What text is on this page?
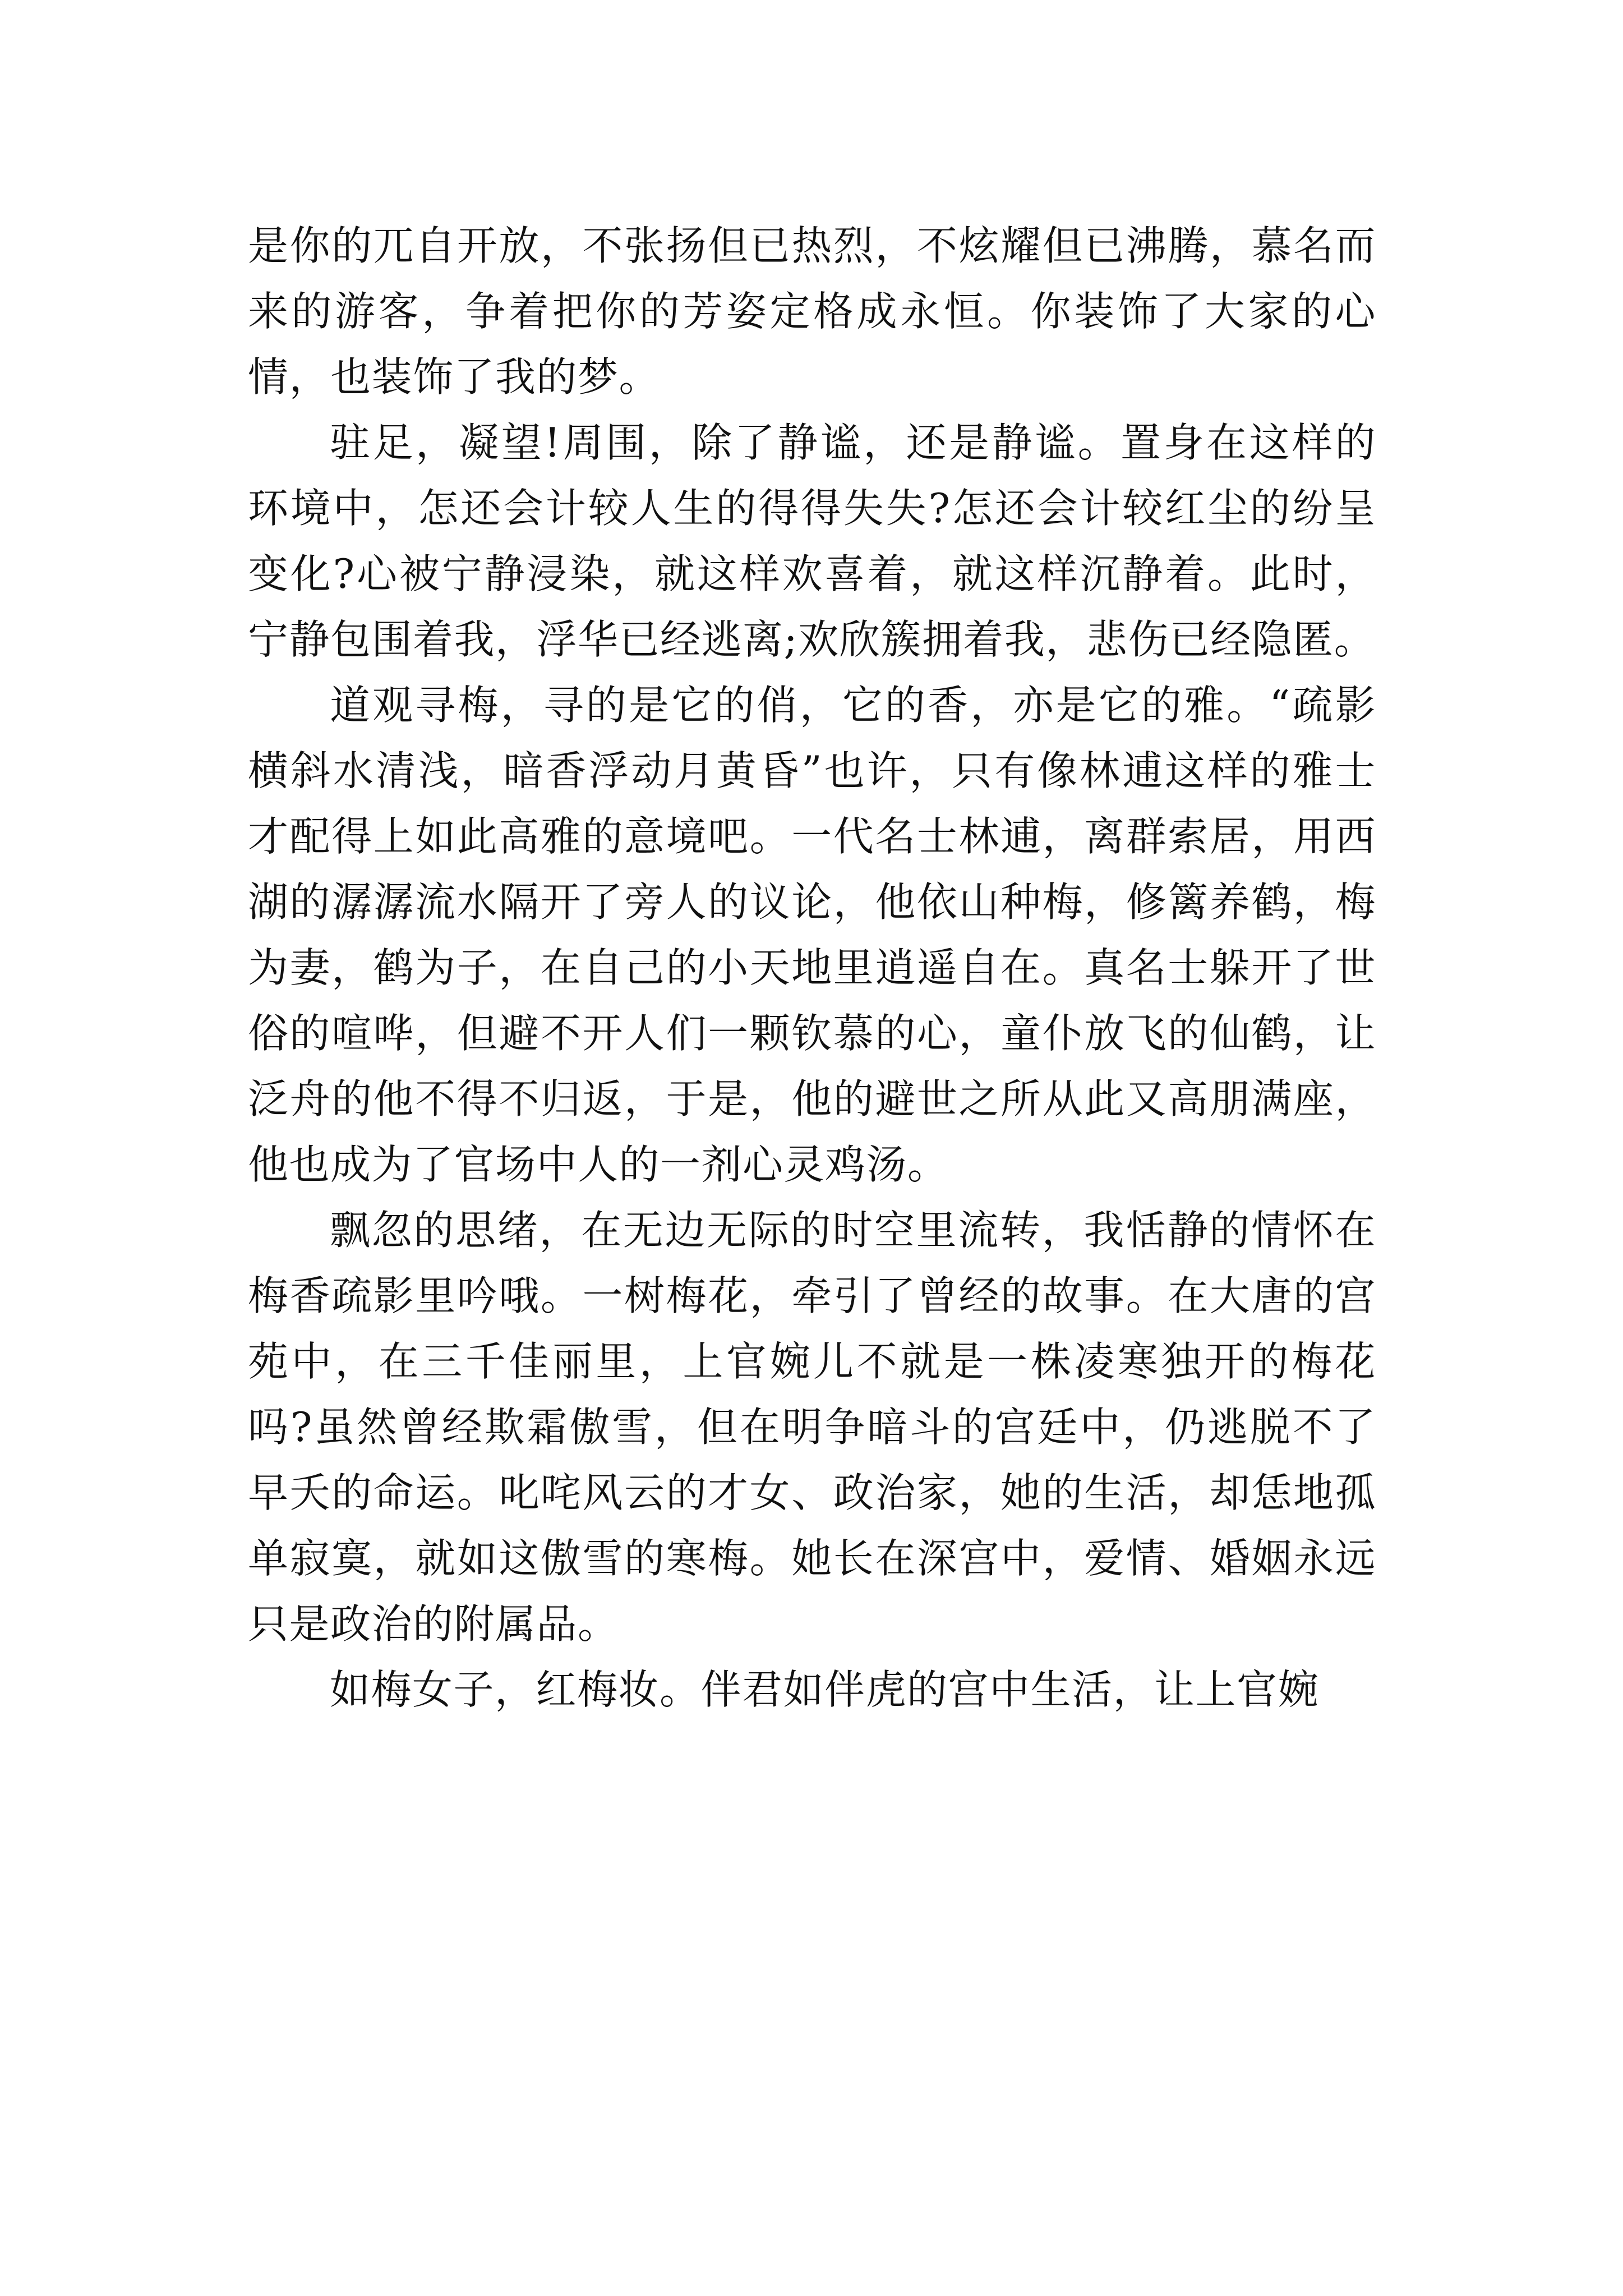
是你的兀自开放，不张扬但已热烈，不炫耀但已沸腾，慕名而来的游客，争着把你的芳姿定格成永恒。你装饰了大家的心情，也装饰了我的梦。

驻足，凝望!周围，除了静谧，还是静谧。置身在这样的环境中，怎还会计较人生的得得失失?怎还会计较红尘的纷呈变化?心被宁静浸染，就这样欢喜着，就这样沉静着。此时，宁静包围着我，浮华已经逃离;欢欣簇拥着我，悲伤已经隐匿。

道观寻梅，寻的是它的俏，它的香，亦是它的雅。“疏影横斜水清浅，暗香浮动月黄昏”也许，只有像林逋这样的雅士才配得上如此高雅的意境吧。一代名士林逋，离群索居，用西湖的潺潺流水隔开了旁人的议论，他依山种梅，修篱养鹤，梅为妻，鹤为子，在自己的小天地里逍遥自在。真名士躲开了世俗的喧哗，但避不开人们一颗钦慕的心，童仆放飞的仙鹤，让泛舟的他不得不归返，于是，他的避世之所从此又高朋满座，他也成为了官场中人的一剂心灵鸡汤。

飘忽的思绪，在无边无际的时空里流转，我恬静的情怀在梅香疏影里吟哦。一树梅花，牵引了曾经的故事。在大唐的宫苑中，在三千佳丽里，上官婉儿不就是一株凌寒独开的梅花吗?虽然曾经欺霜傲雪，但在明争暗斗的宫廷中，仍逃脱不了早夭的命运。叱咤风云的才女、政治家，她的生活，却恁地孤单寂寞，就如这傲雪的寒梅。她长在深宫中，爱情、婚姻永远只是政治的附属品。

如梅女子，红梅妆。伴君如伴虎的宫中生活，让上官婉
